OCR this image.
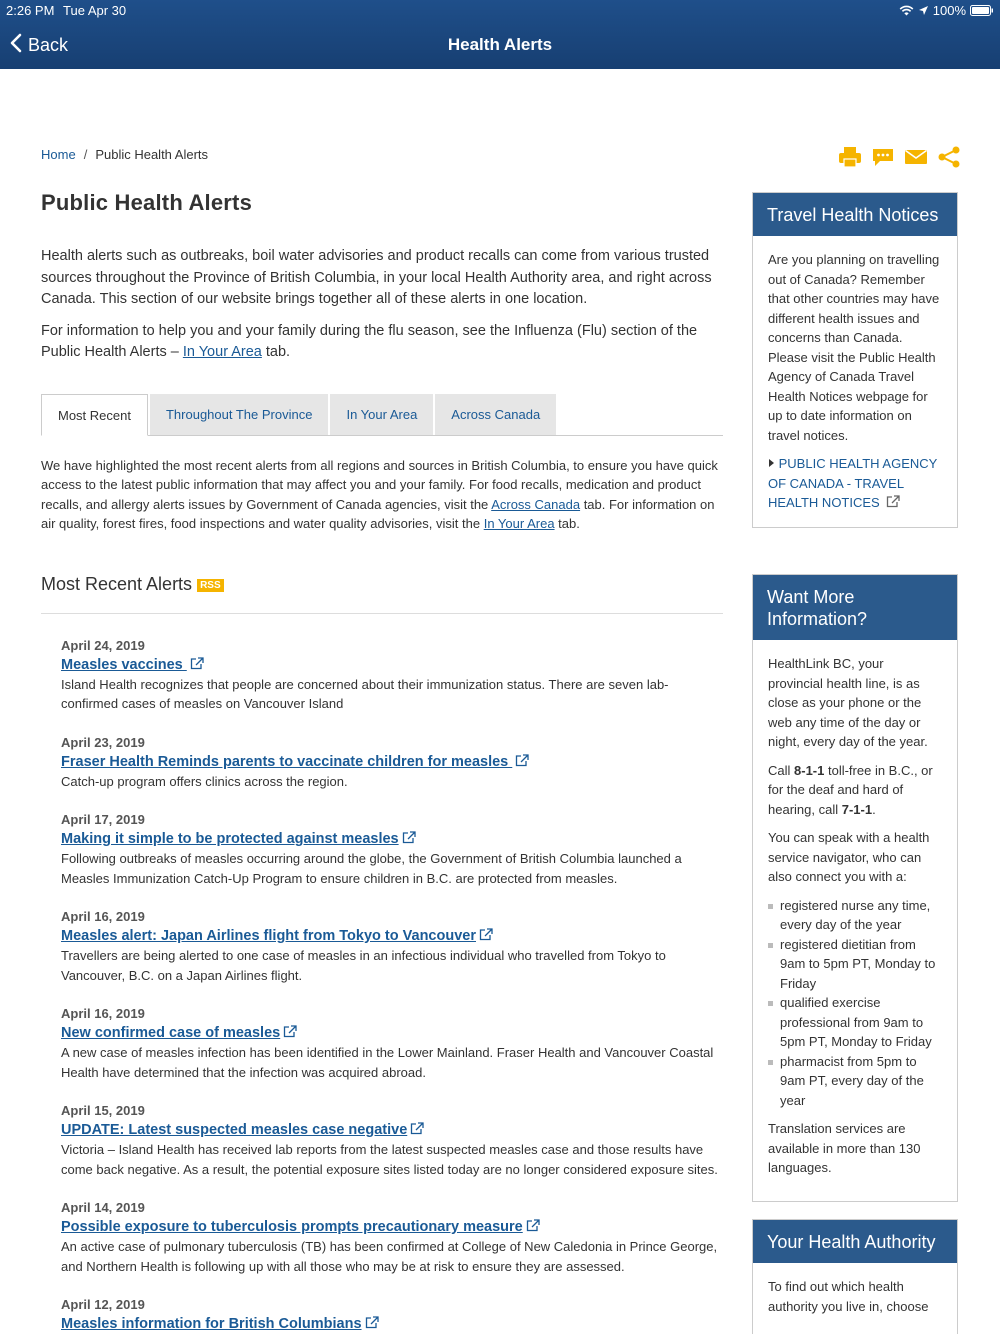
2:26 PM Tue Apr 30	100%
Back	Health Alerts
Home / Public Health Alerts
Public Health Alerts

Health alerts such as outbreaks, boil water advisories and product recalls can come from various trusted sources throughout the Province of British Columbia, in your local Health Authority area, and right across Canada. This section of our website brings together all of these alerts in one location.

For information to help you and your family during the flu season, see the Influenza (Flu) section of the Public Health Alerts – In Your Area tab.

Most Recent	Throughout The Province	In Your Area	Across Canada

We have highlighted the most recent alerts from all regions and sources in British Columbia, to ensure you have quick access to the latest public information that may affect you and your family. For food recalls, medication and product recalls, and allergy alerts issues by Government of Canada agencies, visit the Across Canada tab. For information on air quality, forest fires, food inspections and water quality advisories, visit the In Your Area tab.

Most Recent Alerts RSS
April 24, 2019
Measles vaccines
Island Health recognizes that people are concerned about their immunization status. There are seven lab-confirmed cases of measles on Vancouver Island
April 23, 2019
Fraser Health Reminds parents to vaccinate children for measles
Catch-up program offers clinics across the region.
April 17, 2019
Making it simple to be protected against measles
Following outbreaks of measles occurring around the globe, the Government of British Columbia launched a Measles Immunization Catch-Up Program to ensure children in B.C. are protected from measles.
April 16, 2019
Measles alert: Japan Airlines flight from Tokyo to Vancouver
Travellers are being alerted to one case of measles in an infectious individual who travelled from Tokyo to Vancouver, B.C. on a Japan Airlines flight.
April 16, 2019
New confirmed case of measles
A new case of measles infection has been identified in the Lower Mainland. Fraser Health and Vancouver Coastal Health have determined that the infection was acquired abroad.
April 15, 2019
UPDATE: Latest suspected measles case negative
Victoria – Island Health has received lab reports from the latest suspected measles case and those results have come back negative. As a result, the potential exposure sites listed today are no longer considered exposure sites.
April 14, 2019
Possible exposure to tuberculosis prompts precautionary measure
An active case of pulmonary tuberculosis (TB) has been confirmed at College of New Caledonia in Prince George, and Northern Health is following up with all those who may be at risk to ensure they are assessed.
April 12, 2019
Measles information for British Columbians
Travel Health Notices

Are you planning on travelling out of Canada? Remember that other countries may have different health issues and concerns than Canada. Please visit the Public Health Agency of Canada Travel Health Notices webpage for up to date information on travel notices.

PUBLIC HEALTH AGENCY OF CANADA - TRAVEL HEALTH NOTICES
Want More Information?

HealthLink BC, your provincial health line, is as close as your phone or the web any time of the day or night, every day of the year.

Call 8-1-1 toll-free in B.C., or for the deaf and hard of hearing, call 7-1-1.

You can speak with a health service navigator, who can also connect you with a:

registered nurse any time, every day of the year
registered dietitian from 9am to 5pm PT, Monday to Friday
qualified exercise professional from 9am to 5pm PT, Monday to Friday
pharmacist from 5pm to 9am PT, every day of the year

Translation services are available in more than 130 languages.

Your Health Authority

To find out which health authority you live in, choose
